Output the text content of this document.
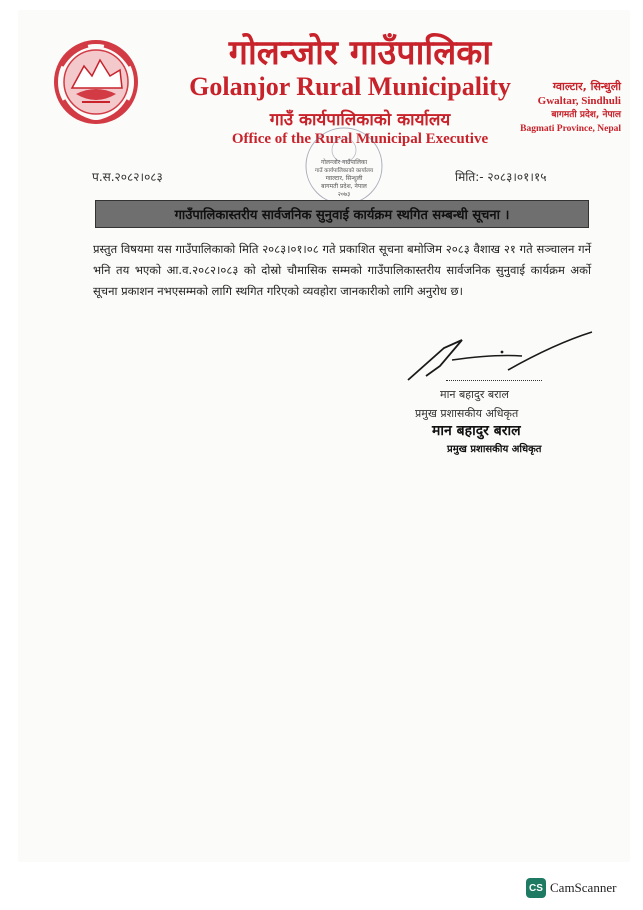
गोलन्जोर गाउँपालिका
Golanjor Rural Municipality
गाउँ कार्यपालिकाको कार्यालय
Office of the Rural Municipal Executive
ग्वाल्टार, सिन्धुली
Gwaltar, Sindhuli
बागमती प्रदेश, नेपाल
Bagmati Province, Nepal
गोलन्जोर गाउँपालिका
गाउँ कार्यपालिकाको कार्यालय
ग्वाल्टार, सिन्धुली
बागमती प्रदेश, नेपाल
२०७३
प.स.२०८२।०८३	मिति:- २०८३।०१।१५
गाउँपालिकास्तरीय सार्वजनिक सुनुवाई कार्यक्रम स्थगित सम्बन्धी सूचना ।

प्रस्तुत विषयमा यस गाउँपालिकाको मिति २०८३।०१।०८ गते प्रकाशित सूचना बमोजिम २०८३ वैशाख २१ गते सञ्चालन गर्ने भनि तय भएको आ.व.२०८२।०८३ को दोस्रो चौमासिक सम्मको गाउँपालिकास्तरीय सार्वजनिक सुनुवाई कार्यक्रम अर्को सूचना प्रकाशन नभएसम्मको लागि स्थगित गरिएको व्यवहोरा जानकारीको लागि अनुरोध छ।

मान बहादुर बराल
प्रमुख प्रशासकीय अधिकृत
मान बहादुर बराल
प्रमुख प्रशासकीय अधिकृत
CS CamScanner
